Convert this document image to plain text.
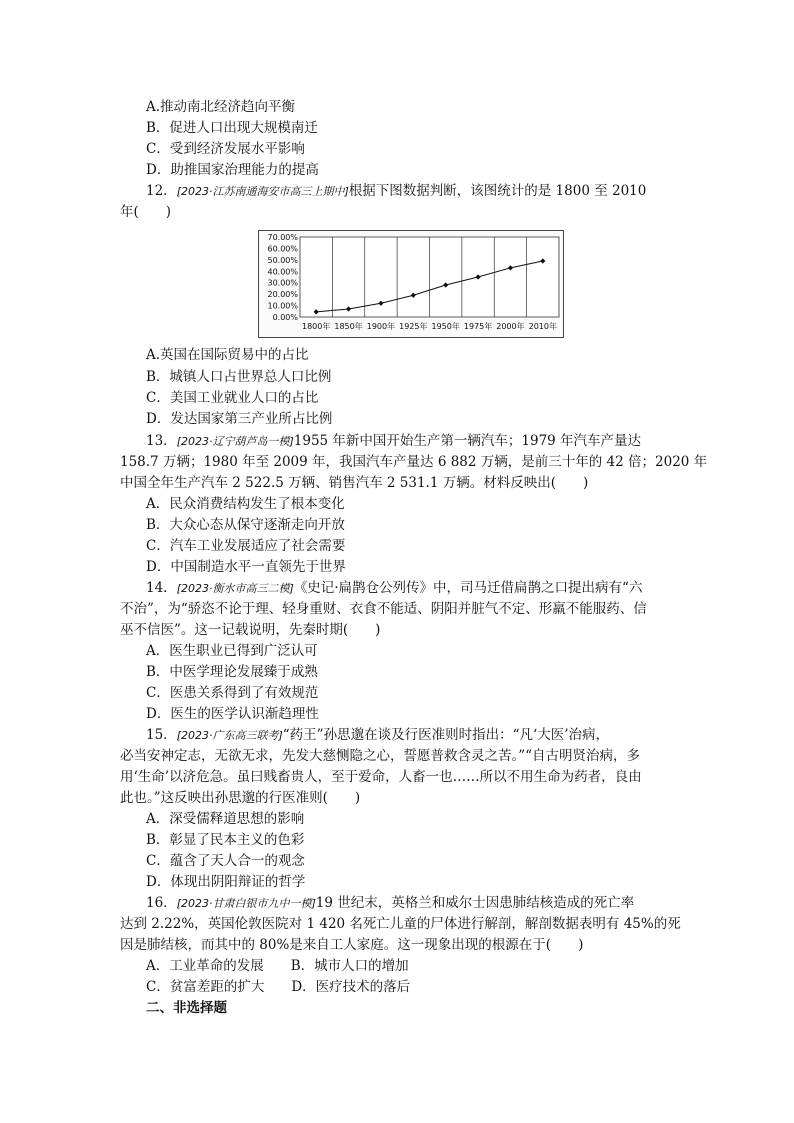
A.推动南北经济趋向平衡
B．促进人口出现大规模南迁
C．受到经济发展水平影响
D．助推国家治理能力的提高
12．[2023·江苏南通海安市高三上期中]根据下图数据判断，该图统计的是 1800 至 2010
年(　　)
70.00%
60.00%
50.00%
40.00%
30.00%
20.00%
10.00%
0.00%
1800年 1850年 1900年 1925年 1950年 1975年 2000年 2010年
A.英国在国际贸易中的占比
B．城镇人口占世界总人口比例
C．美国工业就业人口的占比
D．发达国家第三产业所占比例
13．[2023·辽宁葫芦岛一模]1955 年新中国开始生产第一辆汽车；1979 年汽车产量达
158.7 万辆；1980 年至 2009 年，我国汽车产量达 6 882 万辆，是前三十年的 42 倍；2020 年
中国全年生产汽车 2 522.5 万辆、销售汽车 2 531.1 万辆。材料反映出(　　)
A．民众消费结构发生了根本变化
B．大众心态从保守逐渐走向开放
C．汽车工业发展适应了社会需要
D．中国制造水平一直领先于世界
14．[2023·衡水市高三二模]《史记·扁鹊仓公列传》中，司马迁借扁鹊之口提出病有“六
不治”，为“骄恣不论于理、轻身重财、衣食不能适、阴阳并脏气不定、形羸不能服药、信
巫不信医”。这一记载说明，先秦时期(　　)
A．医生职业已得到广泛认可
B．中医学理论发展臻于成熟
C．医患关系得到了有效规范
D．医生的医学认识渐趋理性
15．[2023·广东高三联考]“药王”孙思邈在谈及行医准则时指出：“凡‘大医’治病，
必当安神定志，无欲无求，先发大慈恻隐之心，誓愿普救含灵之苦。”“自古明贤治病，多
用‘生命’以济危急。虽曰贱畜贵人，至于爱命，人畜一也……所以不用生命为药者，良由
此也。”这反映出孙思邈的行医准则(　　)
A．深受儒释道思想的影响
B．彰显了民本主义的色彩
C．蕴含了天人合一的观念
D．体现出阴阳辩证的哲学
16．[2023·甘肃白银市九中一模]19 世纪末，英格兰和威尔士因患肺结核造成的死亡率
达到 2.22%，英国伦敦医院对 1 420 名死亡儿童的尸体进行解剖，解剖数据表明有 45%的死
因是肺结核，而其中的 80%是来自工人家庭。这一现象出现的根源在于(　　)
A．工业革命的发展　　B．城市人口的增加
C．贫富差距的扩大　　D．医疗技术的落后
二、非选择题
